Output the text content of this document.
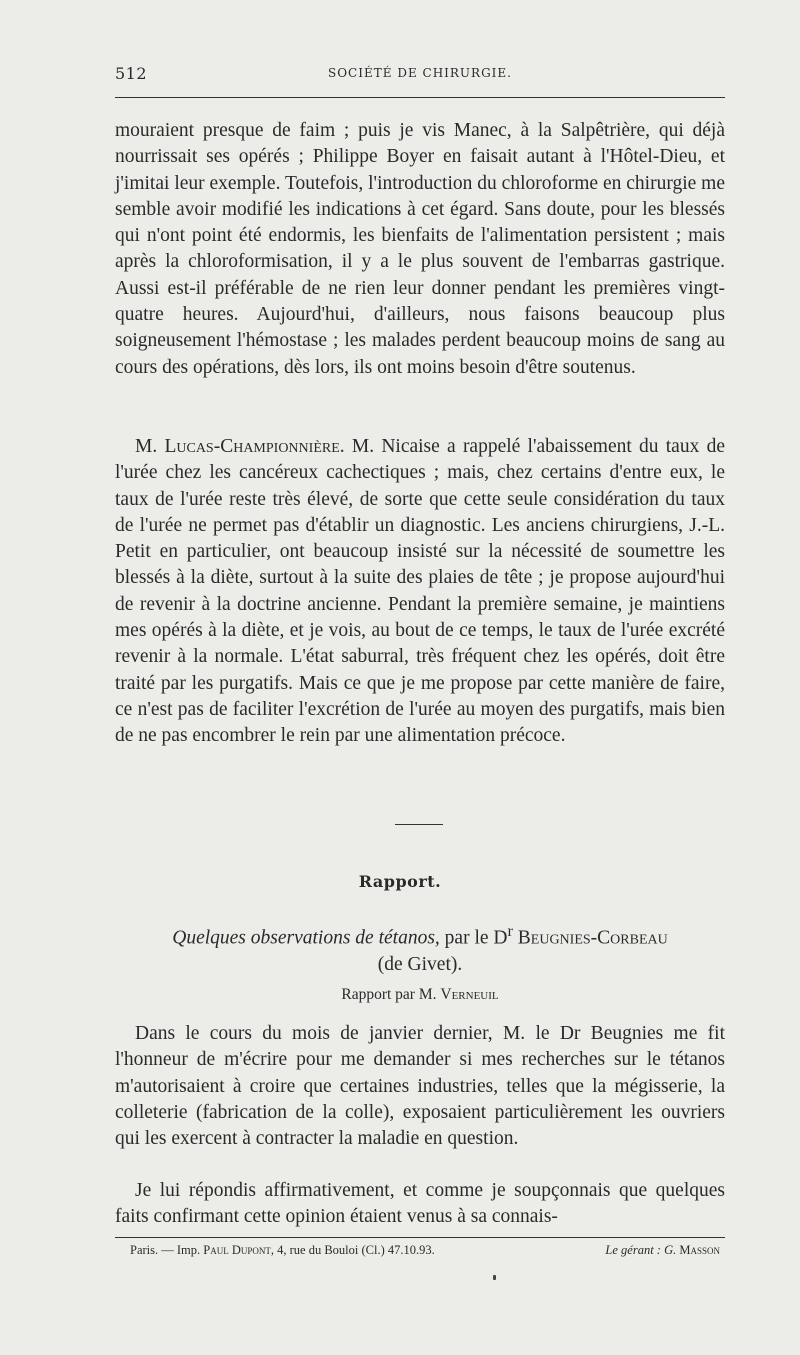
512	SOCIÉTÉ DE CHIRURGIE.
mouraient presque de faim ; puis je vis Manec, à la Salpêtrière, qui déjà nourrissait ses opérés ; Philippe Boyer en faisait autant à l'Hôtel-Dieu, et j'imitai leur exemple. Toutefois, l'introduction du chloroforme en chirurgie me semble avoir modifié les indications à cet égard. Sans doute, pour les blessés qui n'ont point été endormis, les bienfaits de l'alimentation persistent ; mais après la chloroformisation, il y a le plus souvent de l'embarras gastrique. Aussi est-il préférable de ne rien leur donner pendant les premières vingt-quatre heures. Aujourd'hui, d'ailleurs, nous faisons beaucoup plus soigneusement l'hémostase ; les malades perdent beaucoup moins de sang au cours des opérations, dès lors, ils ont moins besoin d'être soutenus.
M. Lucas-Championnière. M. Nicaise a rappelé l'abaissement du taux de l'urée chez les cancéreux cachectiques ; mais, chez certains d'entre eux, le taux de l'urée reste très élevé, de sorte que cette seule considération du taux de l'urée ne permet pas d'établir un diagnostic. Les anciens chirurgiens, J.-L. Petit en particulier, ont beaucoup insisté sur la nécessité de soumettre les blessés à la diète, surtout à la suite des plaies de tête ; je propose aujourd'hui de revenir à la doctrine ancienne. Pendant la première semaine, je maintiens mes opérés à la diète, et je vois, au bout de ce temps, le taux de l'urée excrété revenir à la normale. L'état saburral, très fréquent chez les opérés, doit être traité par les purgatifs. Mais ce que je me propose par cette manière de faire, ce n'est pas de faciliter l'excrétion de l'urée au moyen des purgatifs, mais bien de ne pas encombrer le rein par une alimentation précoce.
Rapport.
Quelques observations de tétanos, par le $D^r$ Beugnies-Corbeau
(de Givet).
Rapport par M. Verneuil
Dans le cours du mois de janvier dernier, M. le Dr Beugnies me fit l'honneur de m'écrire pour me demander si mes recherches sur le tétanos m'autorisaient à croire que certaines industries, telles que la mégisserie, la colleterie (fabrication de la colle), exposaient particulièrement les ouvriers qui les exercent à contracter la maladie en question.
Je lui répondis affirmativement, et comme je soupçonnais que quelques faits confirmant cette opinion étaient venus à sa connais-
Paris. — Imp. Paul Dupont, 4, rue du Bouloi (Cl.) 47.10.93.	Le gérant : G. Masson
